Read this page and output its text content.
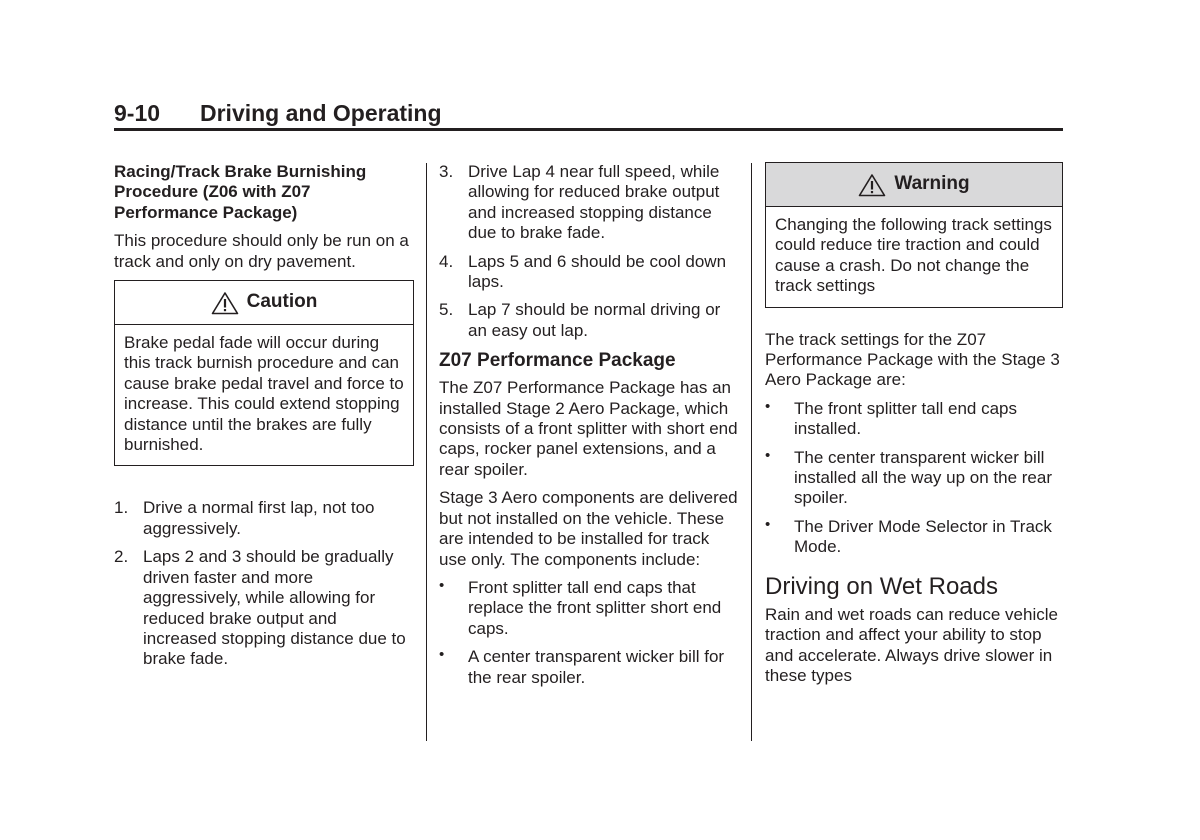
9-10 Driving and Operating

Racing/Track Brake Burnishing Procedure (Z06 with Z07 Performance Package)

This procedure should only be run on a track and only on dry pavement.

Caution
Brake pedal fade will occur during this track burnish procedure and can cause brake pedal travel and force to increase. This could extend stopping distance until the brakes are fully burnished.
1. Drive a normal first lap, not too aggressively.
2. Laps 2 and 3 should be gradually driven faster and more aggressively, while allowing for reduced brake output and increased stopping distance due to brake fade.
3. Drive Lap 4 near full speed, while allowing for reduced brake output and increased stopping distance due to brake fade.
4. Laps 5 and 6 should be cool down laps.
5. Lap 7 should be normal driving or an easy out lap.
Z07 Performance Package

The Z07 Performance Package has an installed Stage 2 Aero Package, which consists of a front splitter with short end caps, rocker panel extensions, and a rear spoiler.

Stage 3 Aero components are delivered but not installed on the vehicle. These are intended to be installed for track use only. The components include:

• Front splitter tall end caps that replace the front splitter short end caps.
• A center transparent wicker bill for the rear spoiler.
Warning
Changing the following track settings could reduce tire traction and could cause a crash. Do not change the track settings

The track settings for the Z07 Performance Package with the Stage 3 Aero Package are:

• The front splitter tall end caps installed.
• The center transparent wicker bill installed all the way up on the rear spoiler.
• The Driver Mode Selector in Track Mode.
Driving on Wet Roads

Rain and wet roads can reduce vehicle traction and affect your ability to stop and accelerate. Always drive slower in these types
